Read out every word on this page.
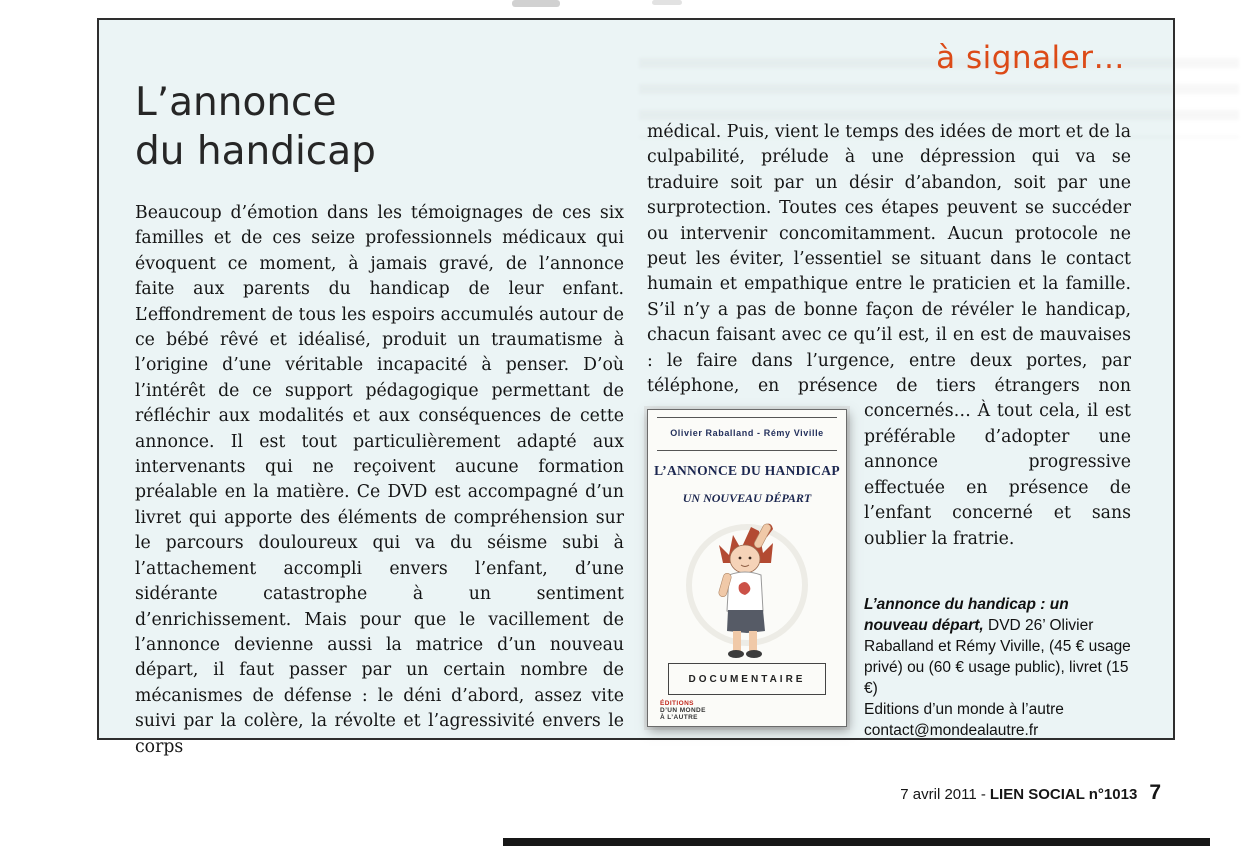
à signaler…
L’annonce
du handicap

Beaucoup d’émotion dans les témoignages de ces six familles et de ces seize professionnels médicaux qui évoquent ce moment, à jamais gravé, de l’annonce faite aux parents du handicap de leur enfant. L’effondrement de tous les espoirs accumulés autour de ce bébé rêvé et idéalisé, produit un traumatisme à l’origine d’une véritable incapacité à penser. D’où l’intérêt de ce support pédagogique permettant de réfléchir aux modalités et aux conséquences de cette annonce. Il est tout particulièrement adapté aux intervenants qui ne reçoivent aucune formation préalable en la matière. Ce DVD est accompagné d’un livret qui apporte des éléments de compréhension sur le parcours douloureux qui va du séisme subi à l’attachement accompli envers l’enfant, d’une sidérante catastrophe à un sentiment d’enrichissement. Mais pour que le vacillement de l’annonce devienne aussi la matrice d’un nouveau départ, il faut passer par un certain nombre de mécanismes de défense : le déni d’abord, assez vite suivi par la colère, la révolte et l’agressivité envers le corps

médical. Puis, vient le temps des idées de mort et de la culpabilité, prélude à une dépression qui va se traduire soit par un désir d’abandon, soit par une surprotection. Toutes ces étapes peuvent se succéder ou intervenir concomitamment. Aucun protocole ne peut les éviter, l’essentiel se situant dans le contact humain et empathique entre le praticien et la famille. S’il n’y a pas de bonne façon de révéler le handicap, chacun faisant avec ce qu’il est, il en est de mauvaises : le faire dans l’urgence, entre deux portes, par téléphone, en présence de tiers étrangers non concernés… À tout
Olivier Raballand - Rémy Viville
L’ANNONCE DU HANDICAP
UN NOUVEAU DÉPART
DOCUMENTAIRE
ÉDITIONS
D’UN MONDE
À L’AUTRE
cela, il est préférable d’adopter une annonce progressive effectuée en présence de l’enfant concerné et sans oublier la fratrie.

L’annonce du handicap : un nouveau départ, DVD 26’ Olivier Raballand et Rémy Viville, (45 € usage privé) ou (60 € usage public), livret (15 €)
Editions d’un monde à l’autre
contact@mondealautre.fr
7 avril 2011 - LIEN SOCIAL n°1013 7
